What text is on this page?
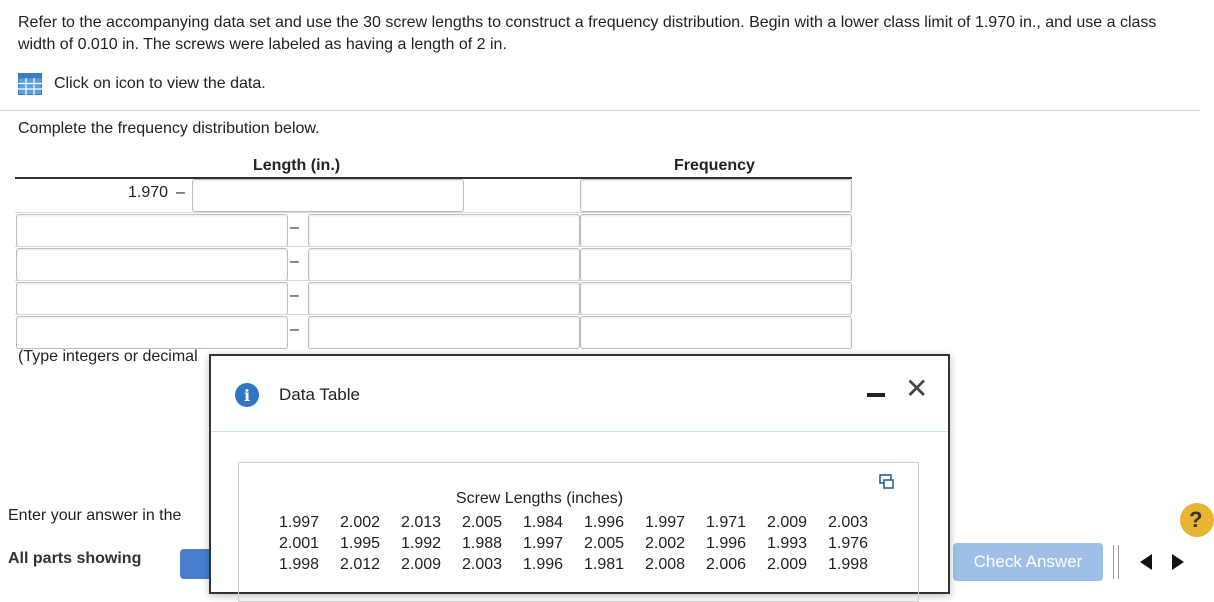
Refer to the accompanying data set and use the 30 screw lengths to construct a frequency distribution. Begin with a lower class limit of 1.970 in., and use a class width of 0.010 in. The screws were labeled as having a length of 2 in.
Click on icon to view the data.
Complete the frequency distribution below.
Length (in.)	Frequency
1.970 –
–
–
–
–
(Type integers or decimal
Enter your answer in the
All parts showing
?
Check Answer
i	Data Table	✕
Screw Lengths (inches)
1.997	2.002	2.013	2.005	1.984	1.996	1.997	1.971	2.009	2.003
2.001	1.995	1.992	1.988	1.997	2.005	2.002	1.996	1.993	1.976
1.998	2.012	2.009	2.003	1.996	1.981	2.008	2.006	2.009	1.998
